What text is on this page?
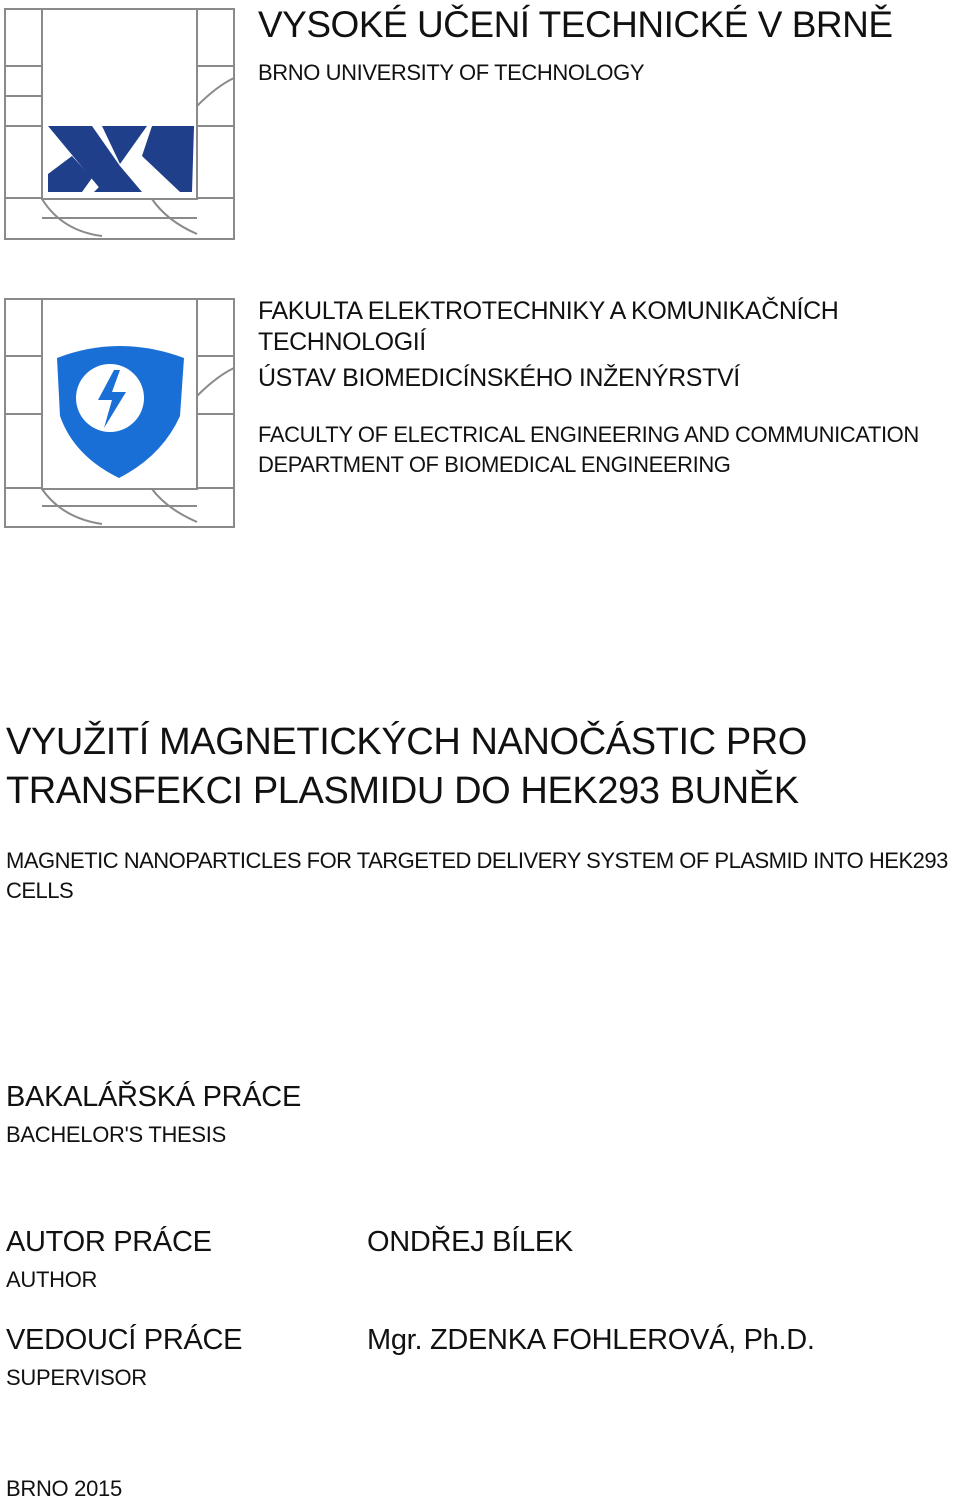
VYSOKÉ UČENÍ TECHNICKÉ V BRNĚ
BRNO UNIVERSITY OF TECHNOLOGY
FAKULTA ELEKTROTECHNIKY A KOMUNIKAČNÍCH TECHNOLOGIÍ
ÚSTAV BIOMEDICÍNSKÉHO INŽENÝRSTVÍ
FACULTY OF ELECTRICAL ENGINEERING AND COMMUNICATION
DEPARTMENT OF BIOMEDICAL ENGINEERING
VYUŽITÍ MAGNETICKÝCH NANOČÁSTIC PRO TRANSFEKCI PLASMIDU DO HEK293 BUNĚK
MAGNETIC NANOPARTICLES FOR TARGETED DELIVERY SYSTEM OF PLASMID INTO HEK293 CELLS
BAKALÁŘSKÁ PRÁCE
BACHELOR'S THESIS
AUTOR PRÁCE
AUTHOR
ONDŘEJ BÍLEK
VEDOUCÍ PRÁCE
SUPERVISOR
Mgr. ZDENKA FOHLEROVÁ, Ph.D.
BRNO 2015
